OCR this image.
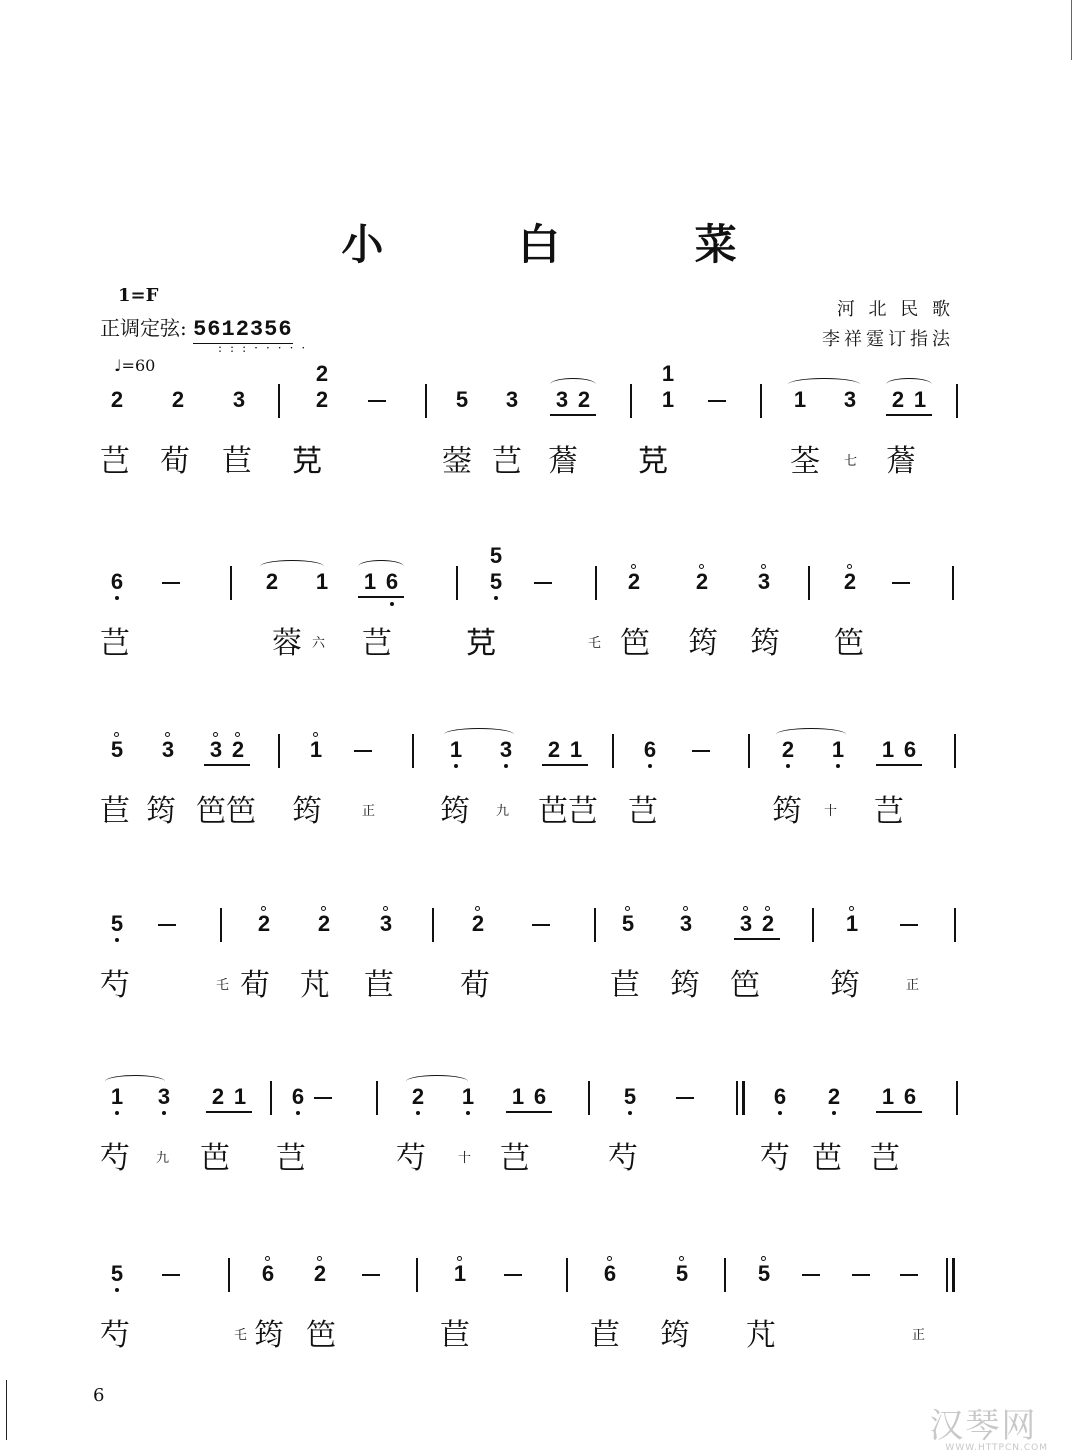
小 白 菜
1=F
正调定弦: 5612356
:::·····
♩=60
河 北 民 歌
李祥霆订指法
2 2 3
2
2	5 3 3 2
1
1	1 3 2 1
芑 荀 苣 𦬺	蓥 芑 薝 𦬺	荃 七 薝
6	2 1 1 6
5
5	2	2 3	2
芑	蓉 六 芑 𦬺	乇 笆 筠 筠 笆
5 3 3 2	1	1 3 2 1	6	2 1 1 6
苣 筠 笆 笆 筠	正 筠 九 芭 芑 芑	筠 十 芑
5	2 2 3	2	5 3 3 2	1
芍	乇 荀 芃 苣 荀	苣 筠 笆 筠	正
1 3 2 1 6	2 1 1 6	5	6 2 1 6
芍 九 芭 芑	芍 十 芑	芍	芍 芭 芑
5	6 2	1	6	5	5
芍	乇 筠 笆	苣	苣 筠 芃	正
6
汉琴网
WWW.HTTPCN.COM
